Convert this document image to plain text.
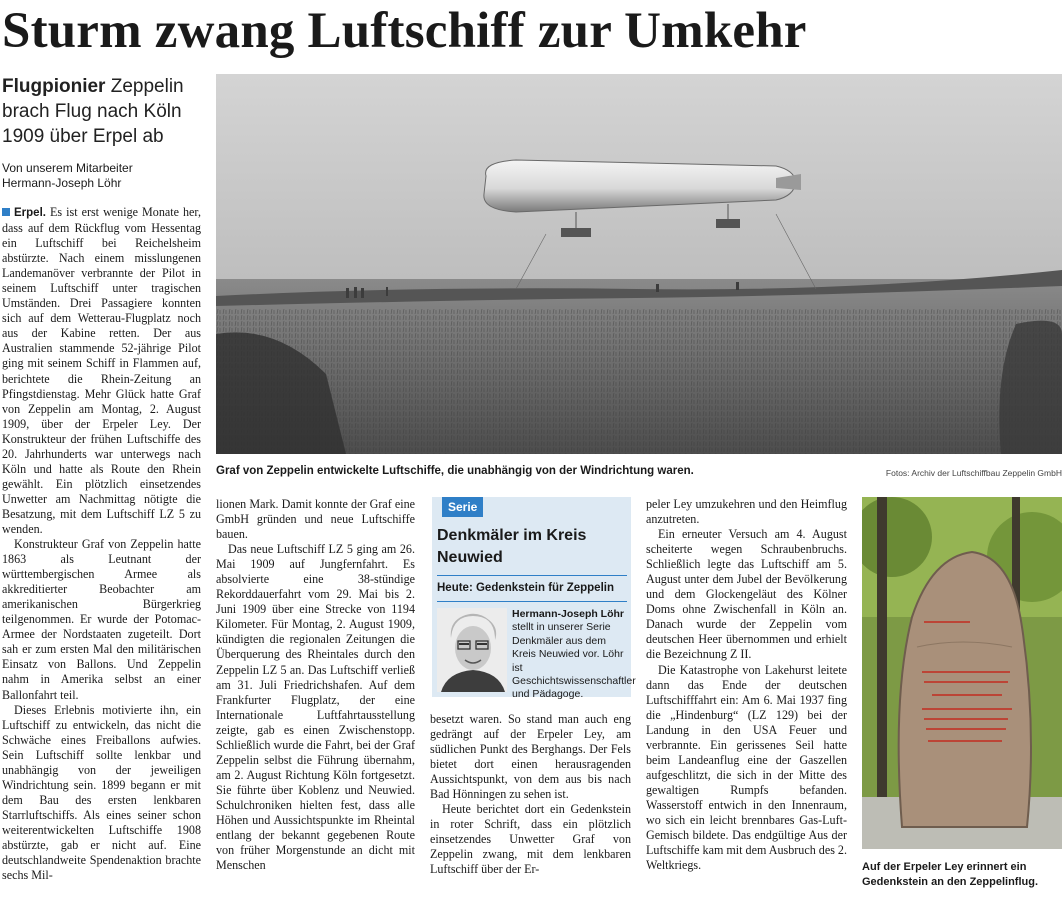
Sturm zwang Luftschiff zur Umkehr
Flugpionier Zeppelin brach Flug nach Köln 1909 über Erpel ab
Von unserem Mitarbeiter
Hermann-Joseph Löhr

Erpel. Es ist erst wenige Monate her, dass auf dem Rückflug vom Hessentag ein Luftschiff bei Reichelsheim abstürzte. Nach einem misslungenen Landemanöver verbrannte der Pilot in seinem Luftschiff unter tragischen Umständen. Drei Passagiere konnten sich auf dem Wetterau-Flugplatz noch aus der Kabine retten. Der aus Australien stammende 52-jährige Pilot ging mit seinem Schiff in Flammen auf, berichtete die Rhein-Zeitung an Pfingstdienstag. Mehr Glück hatte Graf von Zeppelin am Montag, 2. August 1909, über der Erpeler Ley. Der Konstrukteur der frühen Luftschiffe des 20. Jahrhunderts war unterwegs nach Köln und hatte als Route den Rhein gewählt. Ein plötzlich einsetzendes Unwetter am Nachmittag nötigte die Besatzung, mit dem Luftschiff LZ 5 zu wenden.

Konstrukteur Graf von Zeppelin hatte 1863 als Leutnant der württembergischen Armee als akkreditierter Beobachter am amerikanischen Bürgerkrieg teilgenommen. Er wurde der Potomac-Armee der Nordstaaten zugeteilt. Dort sah er zum ersten Mal den militärischen Einsatz von Ballons. Und Zeppelin nahm in Amerika selbst an einer Ballonfahrt teil.

Dieses Erlebnis motivierte ihn, ein Luftschiff zu entwickeln, das nicht die Schwäche eines Freiballons aufwies. Sein Luftschiff sollte lenkbar und unabhängig von der jeweiligen Windrichtung sein. 1899 begann er mit dem Bau des ersten lenkbaren Starrluftschiffs. Als eines seiner schon weiterentwickelten Luftschiffe 1908 abstürzte, gab er nicht auf. Eine deutschlandweite Spendenaktion brachte sechs Mil-

Graf von Zeppelin entwickelte Luftschiffe, die unabhängig von der Windrichtung waren.	Fotos: Archiv der Luftschiffbau Zeppelin GmbH

lionen Mark. Damit konnte der Graf eine GmbH gründen und neue Luftschiffe bauen.

Das neue Luftschiff LZ 5 ging am 26. Mai 1909 auf Jungfernfahrt. Es absolvierte eine 38-stündige Rekorddauerfahrt vom 29. Mai bis 2. Juni 1909 über eine Strecke von 1194 Kilometer. Für Montag, 2. August 1909, kündigten die regionalen Zeitungen die Überquerung des Rheintales durch den Zeppelin LZ 5 an. Das Luftschiff verließ am 31. Juli Friedrichshafen. Auf dem Frankfurter Flugplatz, der eine Internationale Luftfahrtausstellung zeigte, gab es einen Zwischenstopp. Schließlich wurde die Fahrt, bei der Graf Zeppelin selbst die Führung übernahm, am 2. August Richtung Köln fortgesetzt. Sie führte über Koblenz und Neuwied. Schulchroniken hielten fest, dass alle Höhen und Aussichtspunkte im Rheintal entlang der bekannt gegebenen Route von früher Morgenstunde an dicht mit Menschen

Serie
Denkmäler im Kreis Neuwied
Heute: Gedenkstein für Zeppelin
Hermann-Joseph Löhr
stellt in unserer Serie Denkmäler aus dem Kreis Neuwied vor. Löhr ist Geschichtswissenschaftler und Pädagoge.

besetzt waren. So stand man auch eng gedrängt auf der Erpeler Ley, am südlichen Punkt des Berghangs. Der Fels bietet dort einen herausragenden Aussichtspunkt, von dem aus bis nach Bad Hönningen zu sehen ist.

Heute berichtet dort ein Gedenkstein in roter Schrift, dass ein plötzlich einsetzendes Unwetter Graf von Zeppelin zwang, mit dem lenkbaren Luftschiff über der Er-

peler Ley umzukehren und den Heimflug anzutreten.

Ein erneuter Versuch am 4. August scheiterte wegen Schraubenbruchs. Schließlich legte das Luftschiff am 5. August unter dem Jubel der Bevölkerung und dem Glockengeläut des Kölner Doms ohne Zwischenfall in Köln an. Danach wurde der Zeppelin vom deutschen Heer übernommen und erhielt die Bezeichnung Z II.

Die Katastrophe von Lakehurst leitete dann das Ende der deutschen Luftschifffahrt ein: Am 6. Mai 1937 fing die „Hindenburg“ (LZ 129) bei der Landung in den USA Feuer und verbrannte. Ein gerissenes Seil hatte beim Landeanflug eine der Gaszellen aufgeschlitzt, die sich in der Mitte des gewaltigen Rumpfs befanden. Wasserstoff entwich in den Innenraum, wo sich ein leicht brennbares Gas-Luft-Gemisch bildete. Das endgültige Aus der Luftschiffe kam mit dem Ausbruch des 2. Weltkriegs.	Auf der Erpeler Ley erinnert ein Gedenkstein an den Zeppelinflug.
